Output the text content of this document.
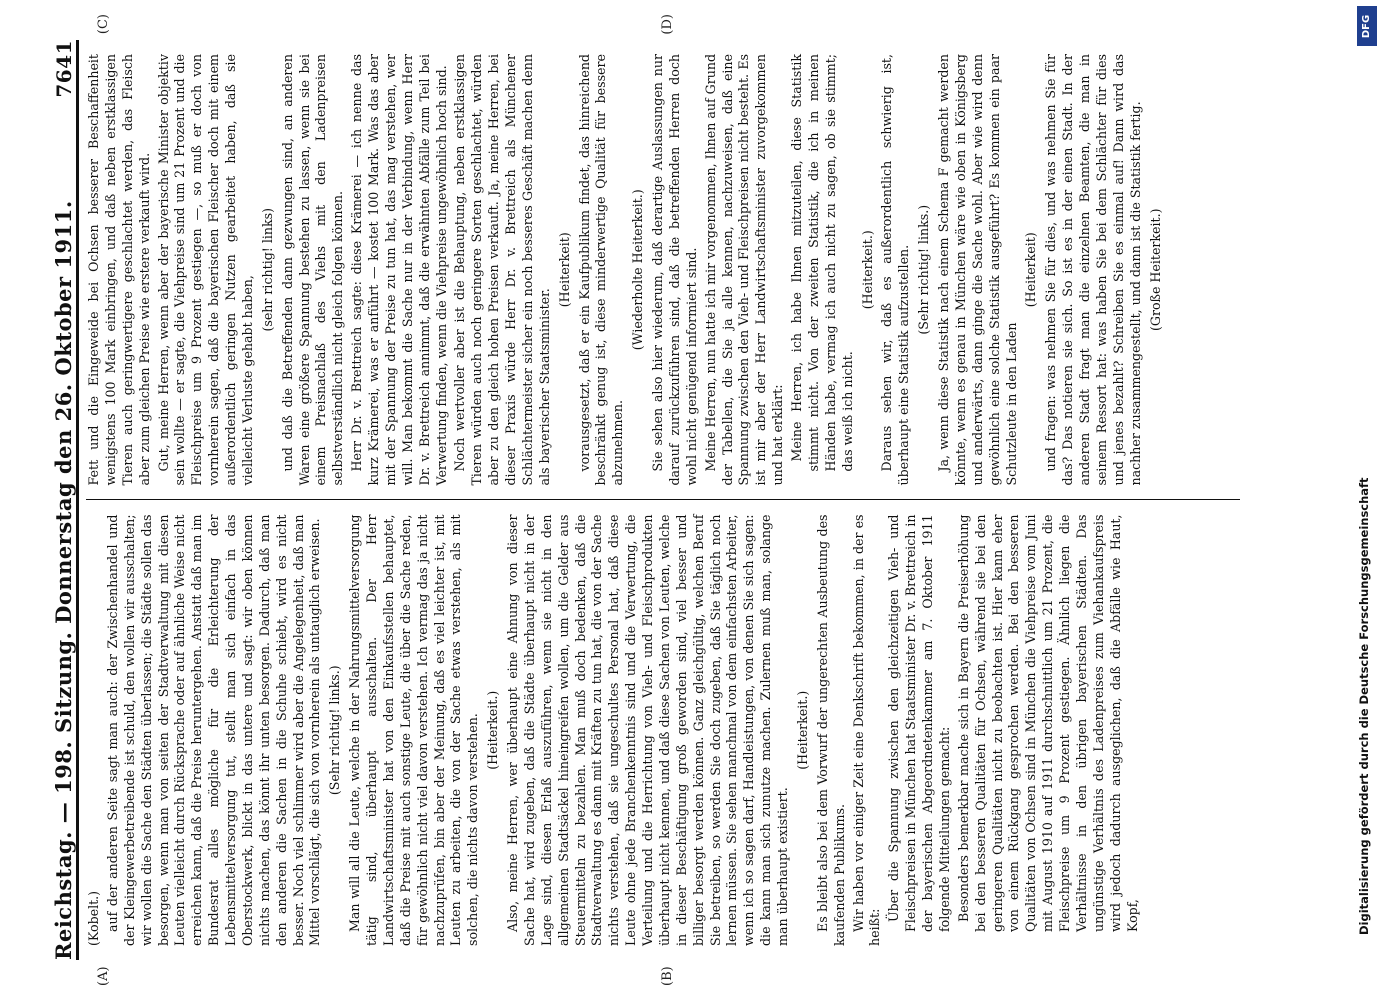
Reichstag. — 198. Sitzung. Donnerstag den 26. Oktober 1911.
7641
(A)	(B)
(C)	(D)

(Kobelt.) auf der anderen Seite sagt man auch: der Zwischenhandel und der Kleingewerbetreibende ist schuld, den wollen wir ausschalten; wir wollen die Sache den Städten überlassen; die Städte sollen das besorgen, wenn man von seiten der Stadtverwaltung mit diesen Leuten vielleicht durch Rücksprache oder auf ähnliche Weise nicht erreichen kann, daß die Preise heruntergehen. Anstatt daß man im Bundesrat alles mögliche für die Erleichterung der Lebensmittelversorgung tut, stellt man sich einfach in das Oberstockwerk, blickt in das untere und sagt: wir oben können nichts machen, das könnt ihr unten besorgen. Dadurch, daß man den anderen die Sachen in die Schuhe schiebt, wird es nicht besser. Noch viel schlimmer wird aber die Angelegenheit, daß man Mittel vorschlägt, die sich von vornherein als untauglich erweisen. (Sehr richtig! links.) Man will all die Leute, welche in der Nahrungsmittelversorgung tätig sind, überhaupt ausschalten. Der Herr Landwirtschaftsminister hat von den Einkaufsstellen behauptet, daß die Preise mit auch sonstige Leute, die über die Sache reden, für gewöhnlich nicht viel davon verstehen. Ich vermag das ja nicht nachzuprüfen, bin aber der Meinung, daß es viel leichter ist, mit Leuten zu arbeiten, die von der Sache etwas verstehen, als mit solchen, die nichts davon verstehen. (Heiterkeit.) Also, meine Herren, wer überhaupt eine Ahnung von dieser Sache hat, wird zugeben, daß die Städte überhaupt nicht in der Lage sind, diesen Erlaß auszuführen, wenn sie nicht in den allgemeinen Stadtsäckel hineingreifen wollen, um die Gelder aus Steuermitteln zu bezahlen. Man muß doch bedenken, daß die Stadtverwaltung es dann mit Kräften zu tun hat, die von der Sache nichts verstehen, daß sie ungeschultes Personal hat, daß diese Leute ohne jede Branchenkenntnis sind und die Verwertung, die Verteilung und die Herrichtung von Vieh- und Fleischprodukten überhaupt nicht kennen, und daß diese Sachen von Leuten, welche in dieser Beschäftigung groß geworden sind, viel besser und billiger besorgt werden können. Ganz gleichgültig, welchen Beruf Sie betreiben, so werden Sie doch zugeben, daß Sie täglich noch lernen müssen. Sie sehen manchmal von dem einfachsten Arbeiter, wenn ich so sagen darf, Handleistungen, von denen Sie sich sagen: die kann man sich zunutze machen. Zulernen muß man, solange man überhaupt existiert.

(Heiterkeit.) Es bleibt also bei dem Vorwurf der ungerechten Ausbeutung des kaufenden Publikums. Wir haben vor einiger Zeit eine Denkschrift bekommen, in der es heißt:

Über die Spannung zwischen den gleichzeitigen Vieh- und Fleischpreisen in München hat Staatsminister Dr. v. Brettreich in der bayerischen Abgeordnetenkammer am 7. Oktober 1911 folgende Mitteilungen gemacht: Besonders bemerkbar mache sich in Bayern die Preiserhöhung bei den besseren Qualitäten für Ochsen, während sie bei den geringeren Qualitäten nicht zu beobachten ist. Hier kann eher von einem Rückgang gesprochen werden. Bei den besseren Qualitäten von Ochsen sind in München die Viehpreise vom Juni mit August 1910 auf 1911 durchschnittlich um 21 Prozent, die Fleischpreise um 9 Prozent gestiegen. Ähnlich liegen die Verhältnisse in den übrigen bayerischen Städten. Das ungünstige Verhältnis des Ladenpreises zum Viehankaufspreis wird jedoch dadurch ausgeglichen, daß die Abfälle wie Haut, Kopf,

Fett und die Eingeweide bei Ochsen besserer Beschaffenheit wenigstens 100 Mark einbringen, und daß neben erstklassigen Tieren auch geringwertigere geschlachtet werden, das Fleisch aber zum gleichen Preise wie erstere verkauft wird. Gut, meine Herren, wenn aber der bayerische Minister objektiv sein wollte — er sagte, die Viehpreise sind um 21 Prozent und die Fleischpreise um 9 Prozent gestiegen —, so muß er doch von vornherein sagen, daß die bayerischen Fleischer doch mit einem außerordentlich geringen Nutzen gearbeitet haben, daß sie vielleicht Verluste gehabt haben,

(sehr richtig! links) und daß die Betreffenden dann gezwungen sind, an anderen Waren eine größere Spannung bestehen zu lassen, wenn sie bei einem Preisnachlaß des Viehs mit den Ladenpreisen selbstverständlich nicht gleich folgen können. Herr Dr. v. Brettreich sagte: diese Krämerei — ich nenne das kurz Krämerei, was er anführt — kostet 100 Mark. Was das aber mit der Spannung der Preise zu tun hat, das mag verstehen, wer will. Man bekommt die Sache nur in der Verbindung, wenn Herr Dr. v. Brettreich annimmt, daß die erwähnten Abfälle zum Teil bei Verwertung finden, wenn die Viehpreise ungewöhnlich hoch sind. Noch wertvoller aber ist die Behauptung, neben erstklassigen Tieren würden auch noch geringere Sorten geschlachtet, würden aber zu den gleich hohen Preisen verkauft. Ja, meine Herren, bei dieser Praxis würde Herr Dr. v. Brettreich als Münchener Schlächtermeister sicher ein noch besseres Geschäft machen denn als bayerischer Staatsminister.

(Heiterkeit) vorausgesetzt, daß er ein Kaufpublikum findet, das hinreichend beschränkt genug ist, diese minderwertige Qualität für bessere abzunehmen.

(Wiederholte Heiterkeit.) Sie sehen also hier wiederum, daß derartige Auslassungen nur darauf zurückzuführen sind, daß die betreffenden Herren doch wohl nicht genügend informiert sind. Meine Herren, nun hatte ich mir vorgenommen, Ihnen auf Grund der Tabellen, die Sie ja alle kennen, nachzuweisen, daß eine Spannung zwischen den Vieh- und Fleischpreisen nicht besteht. Es ist mir aber der Herr Landwirtschaftsminister zuvorgekommen und hat erklärt: Meine Herren, ich habe Ihnen mitzuteilen, diese Statistik stimmt nicht. Von der zweiten Statistik, die ich in meinen Händen habe, vermag ich auch nicht zu sagen, ob sie stimmt; das weiß ich nicht.

(Heiterkeit.) Daraus sehen wir, daß es außerordentlich schwierig ist, überhaupt eine Statistik aufzustellen. (Sehr richtig! links.) Ja, wenn diese Statistik nach einem Schema F gemacht werden könnte, wenn es genau in München wäre wie oben in Königsberg und anderwärts, dann ginge die Sache wohl. Aber wie wird denn gewöhnlich eine solche Statistik ausgeführt? Es kommen ein paar Schutzleute in den Laden

(Heiterkeit) und fragen: was nehmen Sie für dies, und was nehmen Sie für das? Das notieren sie sich. So ist es in der einen Stadt. In der anderen Stadt fragt man die einzelnen Beamten, die man in seinem Ressort hat: was haben Sie bei dem Schlächter für dies und jenes bezahlt? Schreiben Sie es einmal auf! Dann wird das nachher zusammengestellt, und dann ist die Statistik fertig. (Große Heiterkeit.)

DFG
Digitalisierung gefördert durch die Deutsche Forschungsgemeinschaft
